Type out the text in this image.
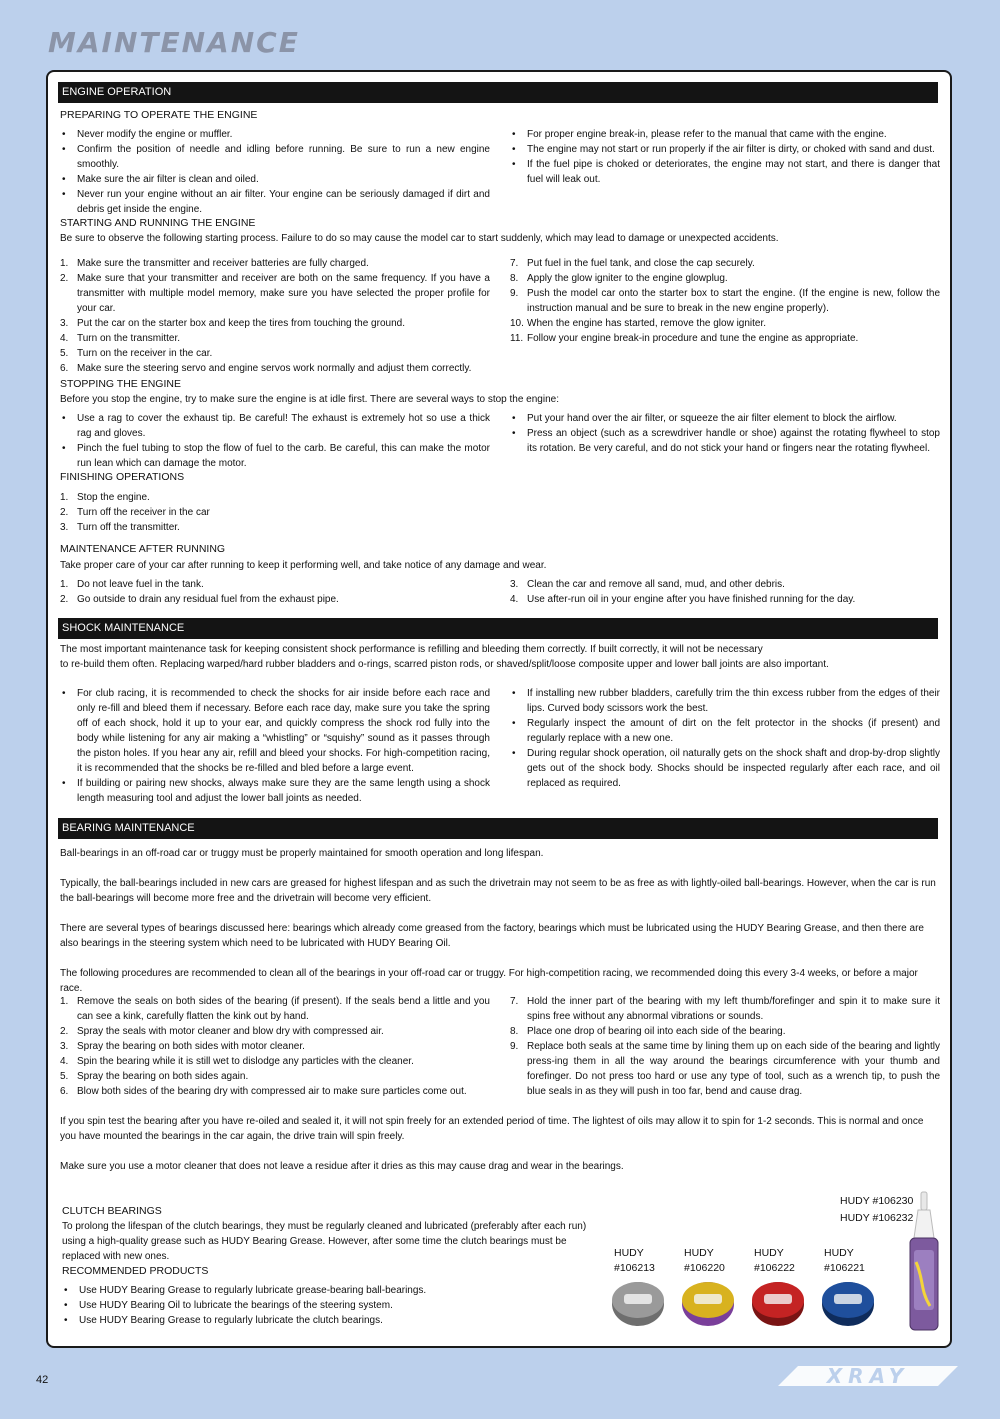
MAINTENANCE
ENGINE OPERATION
PREPARING TO OPERATE THE ENGINE
• Never modify the engine or muffler.
• Confirm the position of needle and idling before running. Be sure to run a new engine smoothly.
• Make sure the air filter is clean and oiled.
• Never run your engine without an air filter. Your engine can be seriously damaged if dirt and debris get inside the engine.
• For proper engine break-in, please refer to the manual that came with the engine.
• The engine may not start or run properly if the air filter is dirty, or choked with sand and dust.
• If the fuel pipe is choked or deteriorates, the engine may not start, and there is danger that fuel will leak out.
STARTING AND RUNNING THE ENGINE
Be sure to observe the following starting process. Failure to do so may cause the model car to start suddenly, which may lead to damage or unexpected accidents.
1. Make sure the transmitter and receiver batteries are fully charged.
2. Make sure that your transmitter and receiver are both on the same frequency. If you have a transmitter with multiple model memory, make sure you have selected the proper profile for your car.
3. Put the car on the starter box and keep the tires from touching the ground.
4. Turn on the transmitter.
5. Turn on the receiver in the car.
6. Make sure the steering servo and engine servos work normally and adjust them correctly.
7. Put fuel in the fuel tank, and close the cap securely.
8. Apply the glow igniter to the engine glowplug.
9. Push the model car onto the starter box to start the engine. (If the engine is new, follow the instruction manual and be sure to break in the new engine properly).
10. When the engine has started, remove the glow igniter.
11. Follow your engine break-in procedure and tune the engine as appropriate.
STOPPING THE ENGINE
Before you stop the engine, try to make sure the engine is at idle first. There are several ways to stop the engine:
• Use a rag to cover the exhaust tip. Be careful! The exhaust is extremely hot so use a thick rag and gloves.
• Pinch the fuel tubing to stop the flow of fuel to the carb. Be careful, this can make the motor run lean which can damage the motor.
• Put your hand over the air filter, or squeeze the air filter element to block the airflow.
• Press an object (such as a screwdriver handle or shoe) against the rotating flywheel to stop its rotation. Be very careful, and do not stick your hand or fingers near the rotating flywheel.
FINISHING OPERATIONS
1. Stop the engine.
2. Turn off the receiver in the car
3. Turn off the transmitter.
MAINTENANCE AFTER RUNNING
Take proper care of your car after running to keep it performing well, and take notice of any damage and wear.
1. Do not leave fuel in the tank.
2. Go outside to drain any residual fuel from the exhaust pipe.
3. Clean the car and remove all sand, mud, and other debris.
4. Use after-run oil in your engine after you have finished running for the day.
SHOCK MAINTENANCE
The most important maintenance task for keeping consistent shock performance is refilling and bleeding them correctly. If built correctly, it will not be necessary
to re-build them often. Replacing warped/hard rubber bladders and o-rings, scarred piston rods, or shaved/split/loose composite upper and lower ball joints are also important.
• For club racing, it is recommended to check the shocks for air inside before each race and only re-fill and bleed them if necessary. Before each race day, make sure you take the spring off of each shock, hold it up to your ear, and quickly compress the shock rod fully into the body while listening for any air making a “whistling” or “squishy” sound as it passes through the piston holes. If you hear any air, refill and bleed your shocks. For high-competition racing, it is recommended that the shocks be re-filled and bled before a large event.
• If building or pairing new shocks, always make sure they are the same length using a shock length measuring tool and adjust the lower ball joints as needed.
• If installing new rubber bladders, carefully trim the thin excess rubber from the edges of their lips. Curved body scissors work the best.
• Regularly inspect the amount of dirt on the felt protector in the shocks (if present) and regularly replace with a new one.
• During regular shock operation, oil naturally gets on the shock shaft and drop-by-drop slightly gets out of the shock body. Shocks should be inspected regularly after each race, and oil replaced as required.
BEARING MAINTENANCE
Ball-bearings in an off-road car or truggy must be properly maintained for smooth operation and long lifespan.
Typically, the ball-bearings included in new cars are greased for highest lifespan and as such the drivetrain may not seem to be as free as with lightly-oiled ball-bearings. However, when the car is run the ball-bearings will become more free and the drivetrain will become very efficient.
There are several types of bearings discussed here: bearings which already come greased from the factory, bearings which must be lubricated using the HUDY Bearing Grease, and then there are also bearings in the steering system which need to be lubricated with HUDY Bearing Oil.
The following procedures are recommended to clean all of the bearings in your off-road car or truggy. For high-competition racing, we recommended doing this every 3-4 weeks, or before a major race.
1. Remove the seals on both sides of the bearing (if present). If the seals bend a little and you can see a kink, carefully flatten the kink out by hand.
2. Spray the seals with motor cleaner and blow dry with compressed air.
3. Spray the bearing on both sides with motor cleaner.
4. Spin the bearing while it is still wet to dislodge any particles with the cleaner.
5. Spray the bearing on both sides again.
6. Blow both sides of the bearing dry with compressed air to make sure particles come out.
7. Hold the inner part of the bearing with my left thumb/forefinger and spin it to make sure it spins free without any abnormal vibrations or sounds.
8. Place one drop of bearing oil into each side of the bearing.
9. Replace both seals at the same time by lining them up on each side of the bearing and lightly press-ing them in all the way around the bearings circumference with your thumb and forefinger. Do not press too hard or use any type of tool, such as a wrench tip, to push the blue seals in as they will push in too far, bend and cause drag.
If you spin test the bearing after you have re-oiled and sealed it, it will not spin freely for an extended period of time. The lightest of oils may allow it to spin for 1-2 seconds. This is normal and once you have mounted the bearings in the car again, the drive train will spin freely.
Make sure you use a motor cleaner that does not leave a residue after it dries as this may cause drag and wear in the bearings.
CLUTCH BEARINGS
To prolong the lifespan of the clutch bearings, they must be regularly cleaned and lubricated (preferably after each run) using a high-quality grease such as HUDY Bearing Grease. However, after some time the clutch bearings must be replaced with new ones.
RECOMMENDED PRODUCTS
• Use HUDY Bearing Grease to regularly lubricate grease-bearing ball-bearings.
• Use HUDY Bearing Oil to lubricate the bearings of the steering system.
• Use HUDY Bearing Grease to regularly lubricate the clutch bearings.
HUDY
#106213
HUDY
#106220
HUDY
#106222
HUDY
#106221
HUDY #106230
HUDY #106232
42	XRAY
